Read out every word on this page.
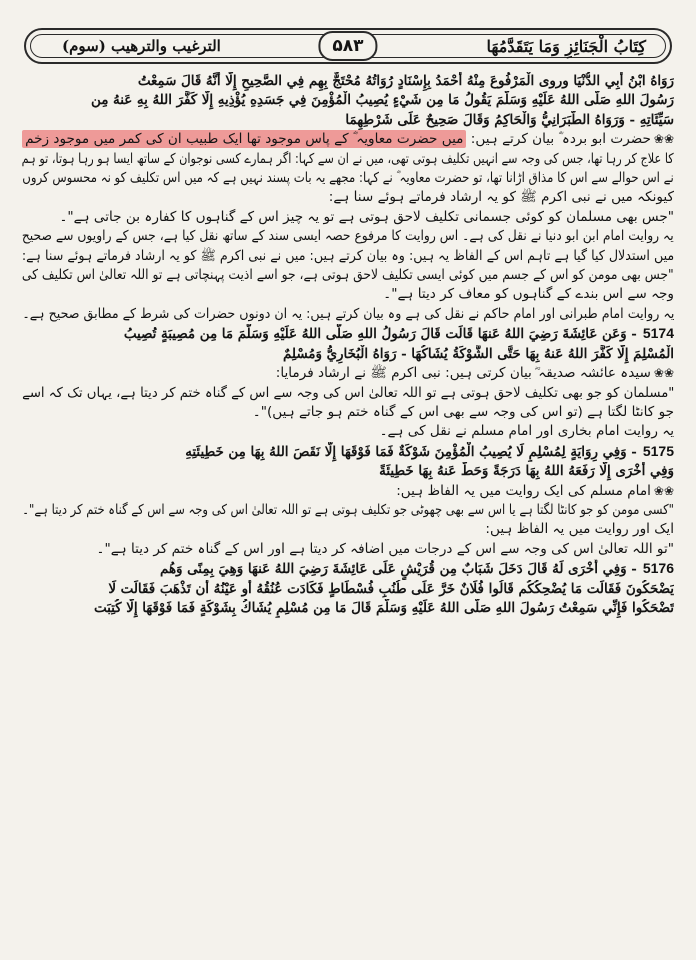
الترغيب والترھیب (سوم)	۵۸۳	کِتَابُ الْجَنَائِزِ وَمَا يَتَقَدَّمُهَا

رَوَاهُ ابْنُ أَبِي الدُّنْيَا وروى الْمَرْفُوعَ مِنْهُ أَحْمَدُ بِإِسْنَادٍ رُوَاتُهُ مُحْتَجٌّ بِهِم فِي الصَّحِيحِ إِلَّا أَنَّهُ قَالَ سَمِعْتُ

رَسُولَ اللهِ صَلَّى اللهُ عَلَيْهِ وَسَلَّمَ يَقُولُ مَا مِن شَيْءٍ يُصِيبُ الْمُؤْمِنَ فِي جَسَدِهِ يُؤْذِيهِ إِلَّا كَفَّرَ اللهُ بِهِ عَنهُ مِن

سَيِّئَاتِهِ - وَرَوَاهُ الطَّبَرَانِيُّ وَالْحَاكِمُ وَقَالَ صَحِيحٌ عَلَى شَرْطِهِمَا

❀❀حضرت ابو بردہ ؓ بیان کرتے ہیں: میں حضرت معاویہ ؓ کے پاس موجود تھا ایک طبیب ان کی کمر میں موجود زخم

کا علاج کر رہا تھا، جس کی وجہ سے انہیں تکلیف ہوتی تھی، میں نے ان سے کہا: اگر ہمارے کسی نوجوان کے ساتھ ایسا ہو رہا ہوتا، تو ہم

نے اس حوالے سے اس کا مذاق اڑانا تھا، تو حضرت معاویہ ؓ نے کہا: مجھے یہ بات پسند نہیں ہے کہ میں اس تکلیف کو نہ محسوس کروں

کیونکہ میں نے نبی اکرم ﷺ کو یہ ارشاد فرماتے ہوئے سنا ہے:

"جس بھی مسلمان کو کوئی جسمانی تکلیف لاحق ہوتی ہے تو یہ چیز اس کے گناہوں کا کفارہ بن جاتی ہے"۔

یہ روایت امام ابن ابو دنیا نے نقل کی ہے۔ اس روایت کا مرفوع حصہ ایسی سند کے ساتھ نقل کیا ہے، جس کے راویوں سے صحیح

میں استدلال کیا گیا ہے تاہم اس کے الفاظ یہ ہیں: وہ بیان کرتے ہیں: میں نے نبی اکرم ﷺ کو یہ ارشاد فرماتے ہوئے سنا ہے:

"جس بھی مومن کو اس کے جسم میں کوئی ایسی تکلیف لاحق ہوتی ہے، جو اسے اذیت پہنچاتی ہے تو اللہ تعالیٰ اس تکلیف کی

وجہ سے اس بندے کے گناہوں کو معاف کر دیتا ہے"۔

یہ روایت امام طبرانی اور امام حاکم نے نقل کی ہے وہ بیان کرتے ہیں: یہ ان دونوں حضرات کی شرط کے مطابق صحیح ہے۔

5174- وَعَن عَائِشَةَ رَضِيَ اللهُ عَنهَا قَالَت قَالَ رَسُولُ اللهِ صَلَّى اللهُ عَلَيْهِ وَسَلَّمَ مَا مِن مُصِيبَةٍ تُصِيبُ

الْمُسْلِمَ إِلَّا كَفَّرَ اللهُ عَنهُ بِهَا حَتَّى الشَّوْكَةُ يُشَاكُهَا - رَوَاهُ الْبُخَارِيُّ وَمُسْلِمٌ

❀❀سیدہ عائشہ صدیقہ ؓ بیان کرتی ہیں: نبی اکرم ﷺ نے ارشاد فرمایا:

"مسلمان کو جو بھی تکلیف لاحق ہوتی ہے تو اللہ تعالیٰ اس کی وجہ سے اس کے گناہ ختم کر دیتا ہے، یہاں تک کہ اسے

جو کانٹا لگتا ہے (تو اس کی وجہ سے بھی اس کے گناہ ختم ہو جاتے ہیں)"۔

یہ روایت امام بخاری اور امام مسلم نے نقل کی ہے۔

5175- وَفِي رِوَايَةٍ لِمُسْلِمٍ لَا يُصِيبُ الْمُؤْمِنَ شَوْكَةٌ فَمَا فَوْقَهَا إِلَّا نَقَصَ اللهُ بِهَا مِن خَطِيئَتِهِ

وَفِي أُخْرَى إِلَّا رَفَعَهُ اللهُ بِهَا دَرَجَةً وَحَطَّ عَنهُ بِهَا خَطِيئَةً

❀❀امام مسلم کی ایک روایت میں یہ الفاظ ہیں:

"کسی مومن کو جو کانٹا لگتا ہے یا اس سے بھی چھوٹی جو تکلیف ہوتی ہے تو اللہ تعالیٰ اس کی وجہ سے اس کے گناہ ختم کر دیتا ہے"۔

ایک اور روایت میں یہ الفاظ ہیں:

"تو اللہ تعالیٰ اس کی وجہ سے اس کے درجات میں اضافہ کر دیتا ہے اور اس کے گناہ ختم کر دیتا ہے"۔

5176- وَفِي أُخْرَى لَهُ قَالَ دَخَلَ شَبَابٌ مِن قُرَيْشٍ عَلَى عَائِشَةَ رَضِيَ اللهُ عَنهَا وَهِيَ بِمِنًى وَهُم

يَضْحَكُونَ فَقَالَت مَا يُضْحِكُكُم قَالُوا فُلَانٌ خَرَّ عَلَى طُنُبِ فُسْطَاطٍ فَكَادَت عُنُقُهُ أَو عَيْنُهُ أَن تَذْهَبَ فَقَالَت لَا

تَضْحَكُوا فَإِنِّي سَمِعْتُ رَسُولَ اللهِ صَلَّى اللهُ عَلَيْهِ وَسَلَّمَ قَالَ مَا مِن مُسْلِمٍ يُشَاكُ بِشَوْكَةٍ فَمَا فَوْقَهَا إِلَّا كُتِبَت
